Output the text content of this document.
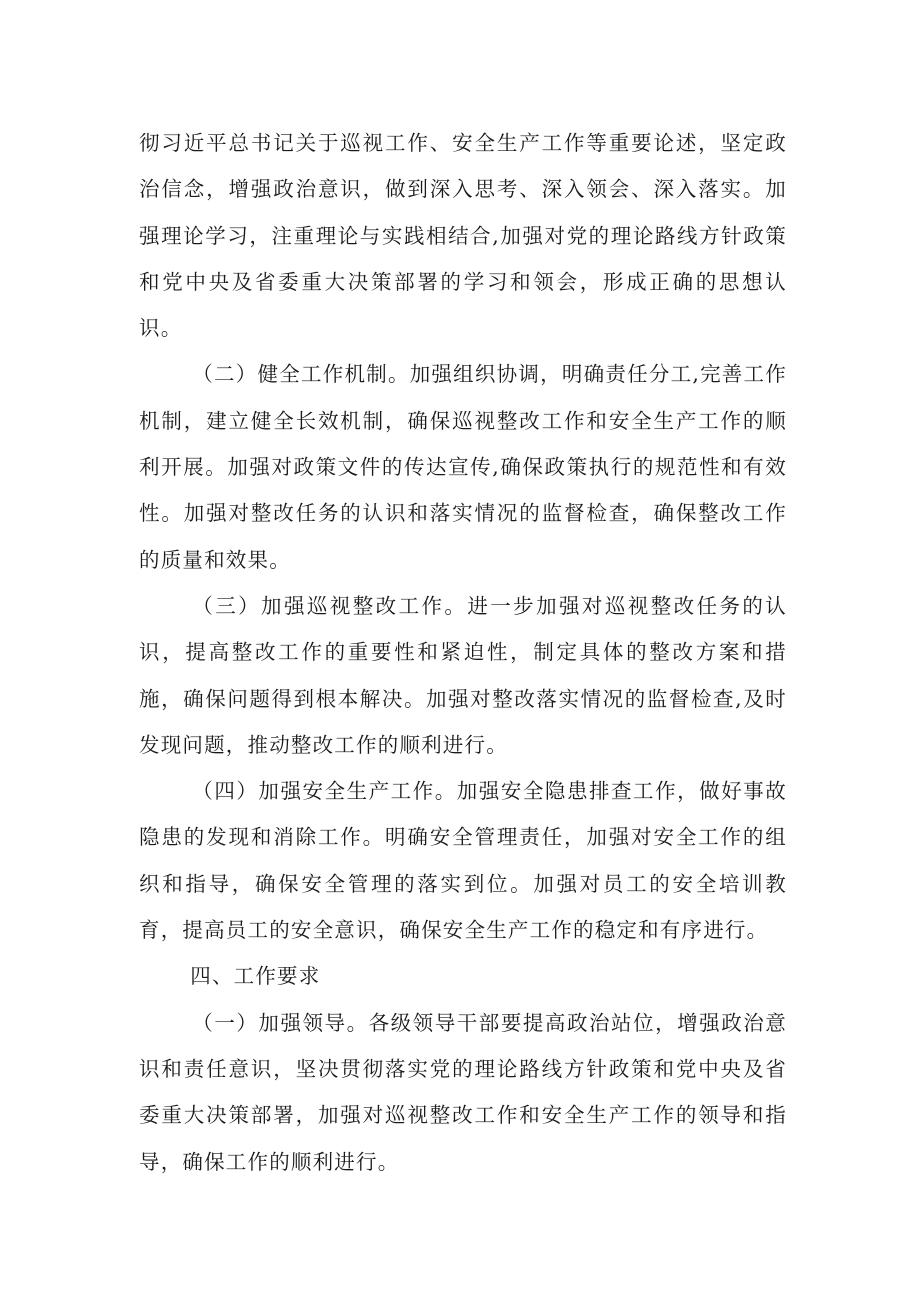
彻习近平总书记关于巡视工作、安全生产工作等重要论述，坚定政治信念，增强政治意识，做到深入思考、深入领会、深入落实。加强理论学习，注重理论与实践相结合,加强对党的理论路线方针政策和党中央及省委重大决策部署的学习和领会，形成正确的思想认识。

（二）健全工作机制。加强组织协调，明确责任分工,完善工作机制，建立健全长效机制，确保巡视整改工作和安全生产工作的顺利开展。加强对政策文件的传达宣传,确保政策执行的规范性和有效性。加强对整改任务的认识和落实情况的监督检查，确保整改工作的质量和效果。

（三）加强巡视整改工作。进一步加强对巡视整改任务的认识，提高整改工作的重要性和紧迫性，制定具体的整改方案和措施，确保问题得到根本解决。加强对整改落实情况的监督检查,及时发现问题，推动整改工作的顺利进行。

（四）加强安全生产工作。加强安全隐患排查工作，做好事故隐患的发现和消除工作。明确安全管理责任，加强对安全工作的组织和指导，确保安全管理的落实到位。加强对员工的安全培训教育，提高员工的安全意识，确保安全生产工作的稳定和有序进行。

四、工作要求

（一）加强领导。各级领导干部要提高政治站位，增强政治意识和责任意识，坚决贯彻落实党的理论路线方针政策和党中央及省委重大决策部署，加强对巡视整改工作和安全生产工作的领导和指导，确保工作的顺利进行。
